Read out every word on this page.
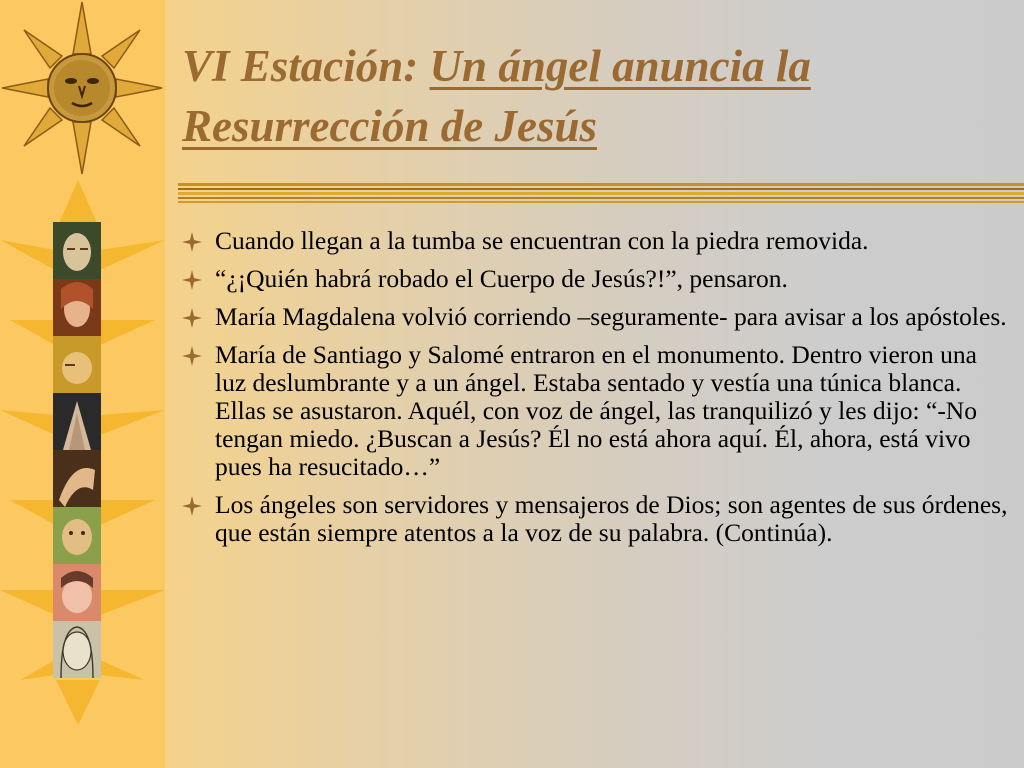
VI Estación: Un ángel anuncia la Resurrección de Jesús
Cuando llegan a la tumba se encuentran con la piedra removida.
“¿¡Quién habrá robado el Cuerpo de Jesús?!”, pensaron.
María Magdalena volvió corriendo –seguramente- para avisar a los apóstoles.
María de Santiago y Salomé entraron en el monumento. Dentro vieron una luz deslumbrante y a un ángel. Estaba sentado y vestía una túnica blanca. Ellas se asustaron. Aquél, con voz de ángel, las tranquilizó y les dijo: “-No tengan miedo. ¿Buscan a Jesús? Él no está ahora aquí. Él, ahora, está vivo pues ha resucitado…”
Los ángeles son servidores y mensajeros de Dios; son agentes de sus órdenes, que están siempre atentos a la voz de su palabra. (Continúa).
